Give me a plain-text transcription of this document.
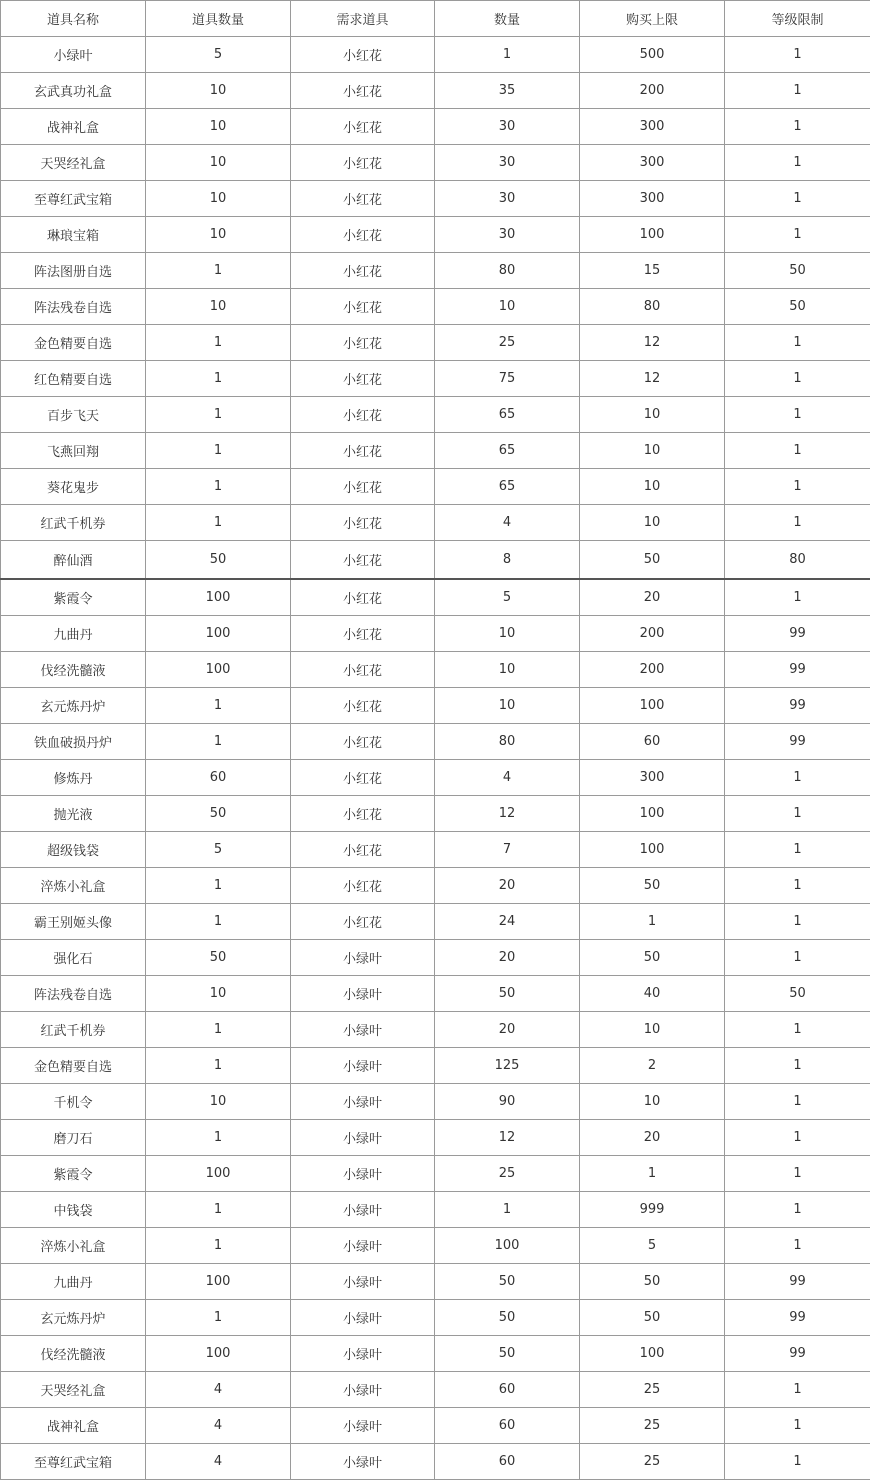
道具名称	道具数量	需求道具	数量	购买上限	等级限制
小绿叶	5	小红花	1	500	1
玄武真功礼盒	10	小红花	35	200	1
战神礼盒	10	小红花	30	300	1
天哭经礼盒	10	小红花	30	300	1
至尊红武宝箱	10	小红花	30	300	1
琳琅宝箱	10	小红花	30	100	1
阵法图册自选	1	小红花	80	15	50
阵法残卷自选	10	小红花	10	80	50
金色精要自选	1	小红花	25	12	1
红色精要自选	1	小红花	75	12	1
百步飞天	1	小红花	65	10	1
飞燕回翔	1	小红花	65	10	1
葵花鬼步	1	小红花	65	10	1
红武千机券	1	小红花	4	10	1
醉仙酒	50	小红花	8	50	80
紫霞令	100	小红花	5	20	1
九曲丹	100	小红花	10	200	99
伐经洗髓液	100	小红花	10	200	99
玄元炼丹炉	1	小红花	10	100	99
铁血破损丹炉	1	小红花	80	60	99
修炼丹	60	小红花	4	300	1
抛光液	50	小红花	12	100	1
超级钱袋	5	小红花	7	100	1
淬炼小礼盒	1	小红花	20	50	1
霸王别姬头像	1	小红花	24	1	1
强化石	50	小绿叶	20	50	1
阵法残卷自选	10	小绿叶	50	40	50
红武千机券	1	小绿叶	20	10	1
金色精要自选	1	小绿叶	125	2	1
千机令	10	小绿叶	90	10	1
磨刀石	1	小绿叶	12	20	1
紫霞令	100	小绿叶	25	1	1
中钱袋	1	小绿叶	1	999	1
淬炼小礼盒	1	小绿叶	100	5	1
九曲丹	100	小绿叶	50	50	99
玄元炼丹炉	1	小绿叶	50	50	99
伐经洗髓液	100	小绿叶	50	100	99
天哭经礼盒	4	小绿叶	60	25	1
战神礼盒	4	小绿叶	60	25	1
至尊红武宝箱	4	小绿叶	60	25	1
